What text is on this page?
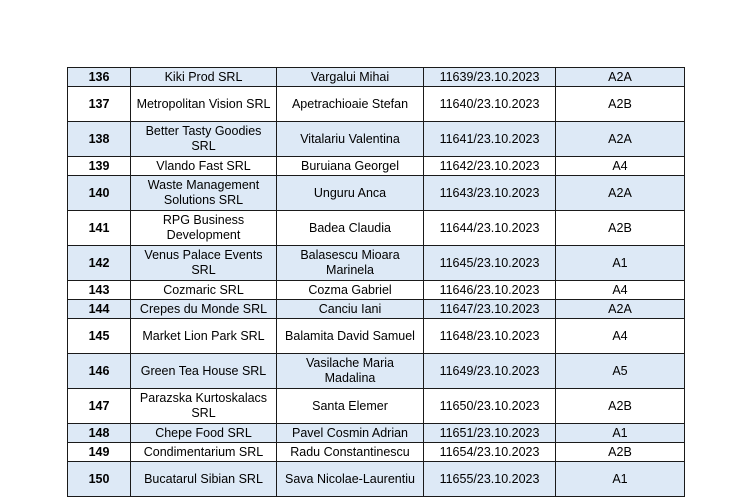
136	Kiki Prod SRL	Vargalui Mihai	11639/23.10.2023	A2A

137	Metropolitan Vision SRL	Apetrachioaie Stefan	11640/23.10.2023	A2B

138	Better Tasty Goodies SRL	Vitalariu Valentina	11641/23.10.2023	A2A

139	Vlando Fast SRL	Buruiana Georgel	11642/23.10.2023	A4

140	Waste Management Solutions SRL	Unguru Anca	11643/23.10.2023	A2A

141	RPG Business Development	Badea Claudia	11644/23.10.2023	A2B

142	Venus Palace Events SRL	Balasescu Mioara Marinela	11645/23.10.2023	A1

143	Cozmaric SRL	Cozma Gabriel	11646/23.10.2023	A4

144	Crepes du Monde SRL	Canciu Iani	11647/23.10.2023	A2A

145	Market Lion Park SRL	Balamita David Samuel	11648/23.10.2023	A4

146	Green Tea House SRL	Vasilache Maria Madalina	11649/23.10.2023	A5

147	Parazska Kurtoskalacs SRL	Santa Elemer	11650/23.10.2023	A2B

148	Chepe Food SRL	Pavel Cosmin Adrian	11651/23.10.2023	A1

149	Condimentarium SRL	Radu Constantinescu	11654/23.10.2023	A2B

150	Bucatarul Sibian SRL	Sava Nicolae-Laurentiu	11655/23.10.2023	A1
